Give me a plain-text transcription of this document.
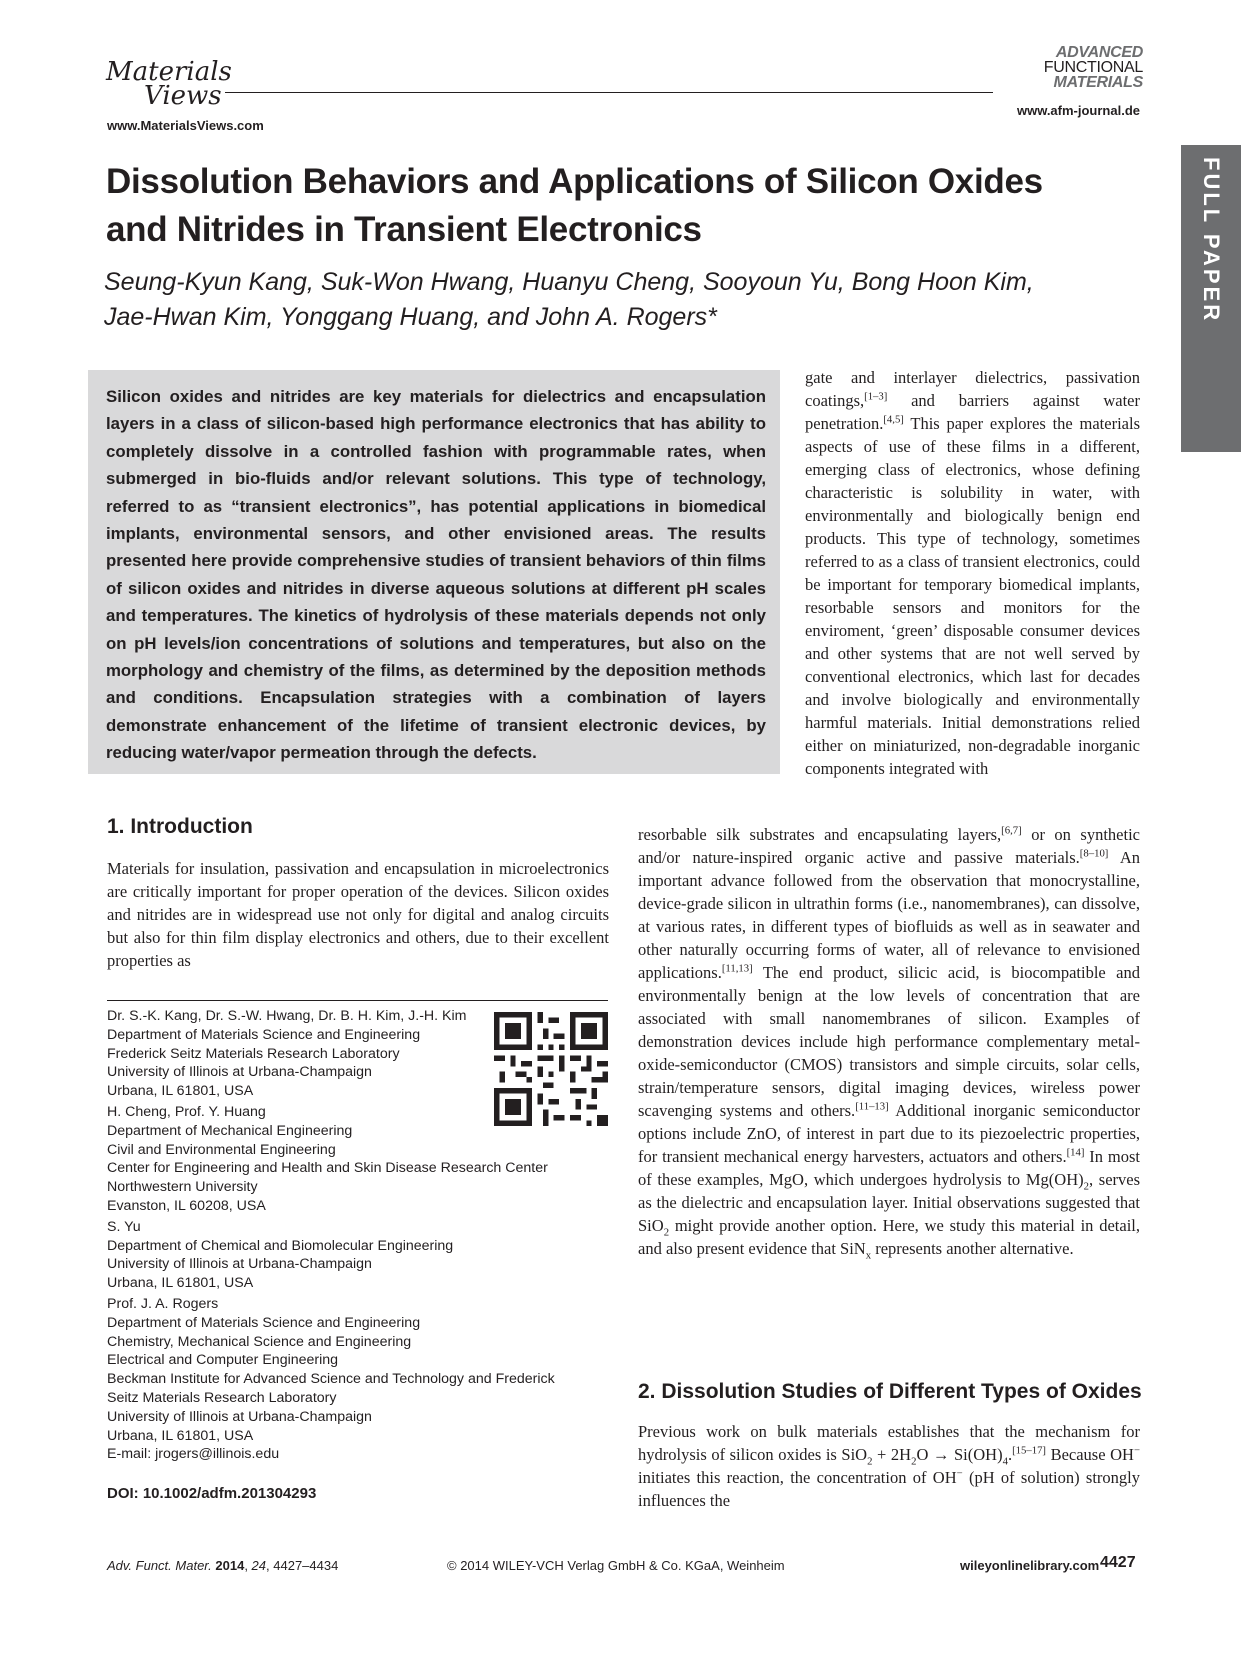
Materials
Views
www.MaterialsViews.com
ADVANCED
FUNCTIONAL
MATERIALS
www.afm-journal.de
FULL PAPER
Dissolution Behaviors and Applications of Silicon Oxides
and Nitrides in Transient Electronics
Seung-Kyun Kang, Suk-Won Hwang, Huanyu Cheng, Sooyoun Yu, Bong Hoon Kim,
Jae-Hwan Kim, Yonggang Huang, and John A. Rogers*
Silicon oxides and nitrides are key materials for dielectrics and encapsulation layers in a class of silicon-based high performance electronics that has ability to completely dissolve in a controlled fashion with programmable rates, when submerged in bio-fluids and/or relevant solutions. This type of technology, referred to as “transient electronics”, has potential applications in biomedical implants, environmental sensors, and other envisioned areas. The results presented here provide comprehensive studies of transient behaviors of thin films of silicon oxides and nitrides in diverse aqueous solutions at different pH scales and temperatures. The kinetics of hydrolysis of these materials depends not only on pH levels/ion concentrations of solutions and temperatures, but also on the morphology and chemistry of the films, as determined by the deposition methods and conditions. Encapsulation strategies with a combination of layers demonstrate enhancement of the lifetime of transient electronic devices, by reducing water/vapor permeation through the defects.
gate and interlayer dielectrics, passivation coatings,[1–3] and barriers against water penetration.[4,5] This paper explores the materials aspects of use of these films in a different, emerging class of electronics, whose defining characteristic is solubility in water, with environmentally and biologically benign end products. This type of technology, sometimes referred to as a class of transient electronics, could be important for temporary biomedical implants, resorbable sensors and monitors for the enviroment, ‘green’ disposable consumer devices and other systems that are not well served by conventional electronics, which last for decades and involve biologically and environmentally harmful materials. Initial demonstrations relied either on miniaturized, non-degradable inorganic components integrated with
1. Introduction
Materials for insulation, passivation and encapsulation in microelectronics are critically important for proper operation of the devices. Silicon oxides and nitrides are in widespread use not only for digital and analog circuits but also for thin film display electronics and others, due to their excellent properties as
resorbable silk substrates and encapsulating layers,[6,7] or on synthetic and/or nature-inspired organic active and passive materials.[8–10] An important advance followed from the observation that monocrystalline, device-grade silicon in ultrathin forms (i.e., nanomembranes), can dissolve, at various rates, in different types of biofluids as well as in seawater and other naturally occurring forms of water, all of relevance to envisioned applications.[11,13] The end product, silicic acid, is biocompatible and environmentally benign at the low levels of concentration that are associated with small nanomembranes of silicon. Examples of demonstration devices include high performance complementary metal-oxide-semiconductor (CMOS) transistors and simple circuits, solar cells, strain/temperature sensors, digital imaging devices, wireless power scavenging systems and others.[11–13] Additional inorganic semiconductor options include ZnO, of interest in part due to its piezoelectric properties, for transient mechanical energy harvesters, actuators and others.[14] In most of these examples, MgO, which undergoes hydrolysis to $Mg(OH)_2$, serves as the dielectric and encapsulation layer. Initial observations suggested that SiO$_2$ might provide another option. Here, we study this material in detail, and also present evidence that SiN$_x$ represents another alternative.
Dr. S.-K. Kang, Dr. S.-W. Hwang, Dr. B. H. Kim, J.-H. Kim
Department of Materials Science and Engineering
Frederick Seitz Materials Research Laboratory
University of Illinois at Urbana-Champaign
Urbana, IL 61801, USA
H. Cheng, Prof. Y. Huang
Department of Mechanical Engineering
Civil and Environmental Engineering
Center for Engineering and Health and Skin Disease Research Center
Northwestern University
Evanston, IL 60208, USA
S. Yu
Department of Chemical and Biomolecular Engineering
University of Illinois at Urbana-Champaign
Urbana, IL 61801, USA
Prof. J. A. Rogers
Department of Materials Science and Engineering
Chemistry, Mechanical Science and Engineering
Electrical and Computer Engineering
Beckman Institute for Advanced Science and Technology and Frederick
Seitz Materials Research Laboratory
University of Illinois at Urbana-Champaign
Urbana, IL 61801, USA
E-mail: jrogers@illinois.edu
DOI: 10.1002/adfm.201304293
2. Dissolution Studies of Different Types of Oxides
Previous work on bulk materials establishes that the mechanism for hydrolysis of silicon oxides is $SiO_2 + 2H_2O \to Si(OH)_4.[15-17]$ Because OH− initiates this reaction, the concentration of OH− (pH of solution) strongly influences the
Adv. Funct. Mater. 2014, 24, 4427–4434	© 2014 WILEY-VCH Verlag GmbH & Co. KGaA, Weinheim	wileyonlinelibrary.com 4427
